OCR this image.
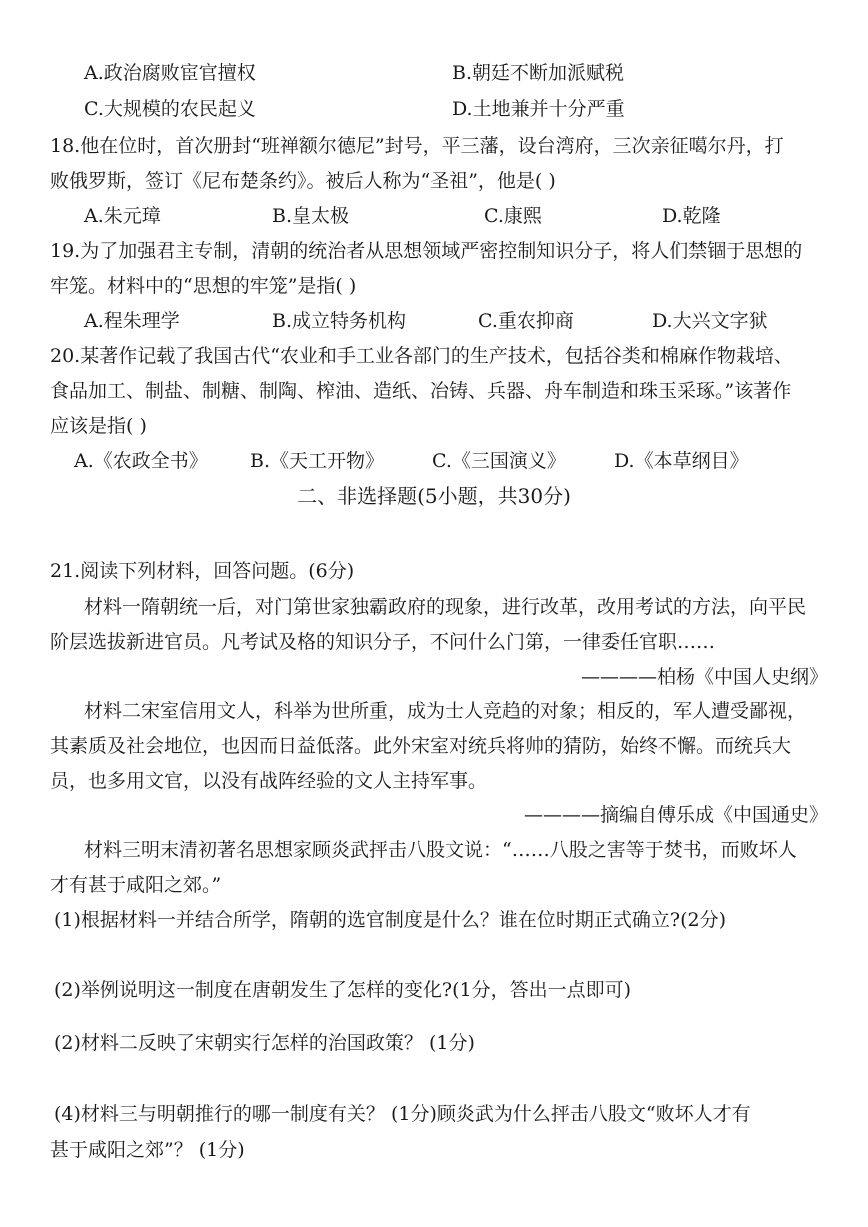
A.政治腐败宦官擅权	B.朝廷不断加派赋税
C.大规模的农民起义	D.土地兼并十分严重
18.他在位时，首次册封“班禅额尔德尼”封号，平三藩，设台湾府，三次亲征噶尔丹，打
败俄罗斯，签订《尼布楚条约》。被后人称为“圣祖”，他是( )
A.朱元璋	B.皇太极	C.康熙	D.乾隆
19.为了加强君主专制，清朝的统治者从思想领域严密控制知识分子，将人们禁锢于思想的
牢笼。材料中的“思想的牢笼”是指( )
A.程朱理学	B.成立特务机构	C.重农抑商	D.大兴文字狱
20.某著作记载了我国古代“农业和手工业各部门的生产技术，包括谷类和棉麻作物栽培、
食品加工、制盐、制糖、制陶、榨油、造纸、冶铸、兵器、舟车制造和珠玉采琢。”该著作
应该是指( )
A.《农政全书》 B.《天工开物》	C.《三国演义》	D.《本草纲目》
二、非选择题(5小题，共30分)
21.阅读下列材料，回答问题。(6分)
材料一隋朝统一后，对门第世家独霸政府的现象，进行改革，改用考试的方法，向平民
阶层选拔新进官员。凡考试及格的知识分子，不问什么门第，一律委任官职……
————柏杨《中国人史纲》
材料二宋室信用文人，科举为世所重，成为士人竞趋的对象；相反的，军人遭受鄙视，
其素质及社会地位，也因而日益低落。此外宋室对统兵将帅的猜防，始终不懈。而统兵大
员，也多用文官，以没有战阵经验的文人主持军事。
————摘编自傅乐成《中国通史》
材料三明末清初著名思想家顾炎武抨击八股文说：“……八股之害等于焚书，而败坏人
才有甚于咸阳之郊。”
(1)根据材料一并结合所学，隋朝的选官制度是什么？谁在位时期正式确立?(2分)
(2)举例说明这一制度在唐朝发生了怎样的变化?(1分，答出一点即可)
(2)材料二反映了宋朝实行怎样的治国政策？ (1分)
(4)材料三与明朝推行的哪一制度有关？ (1分)顾炎武为什么抨击八股文“败坏人才有
甚于咸阳之郊”？ (1分)
